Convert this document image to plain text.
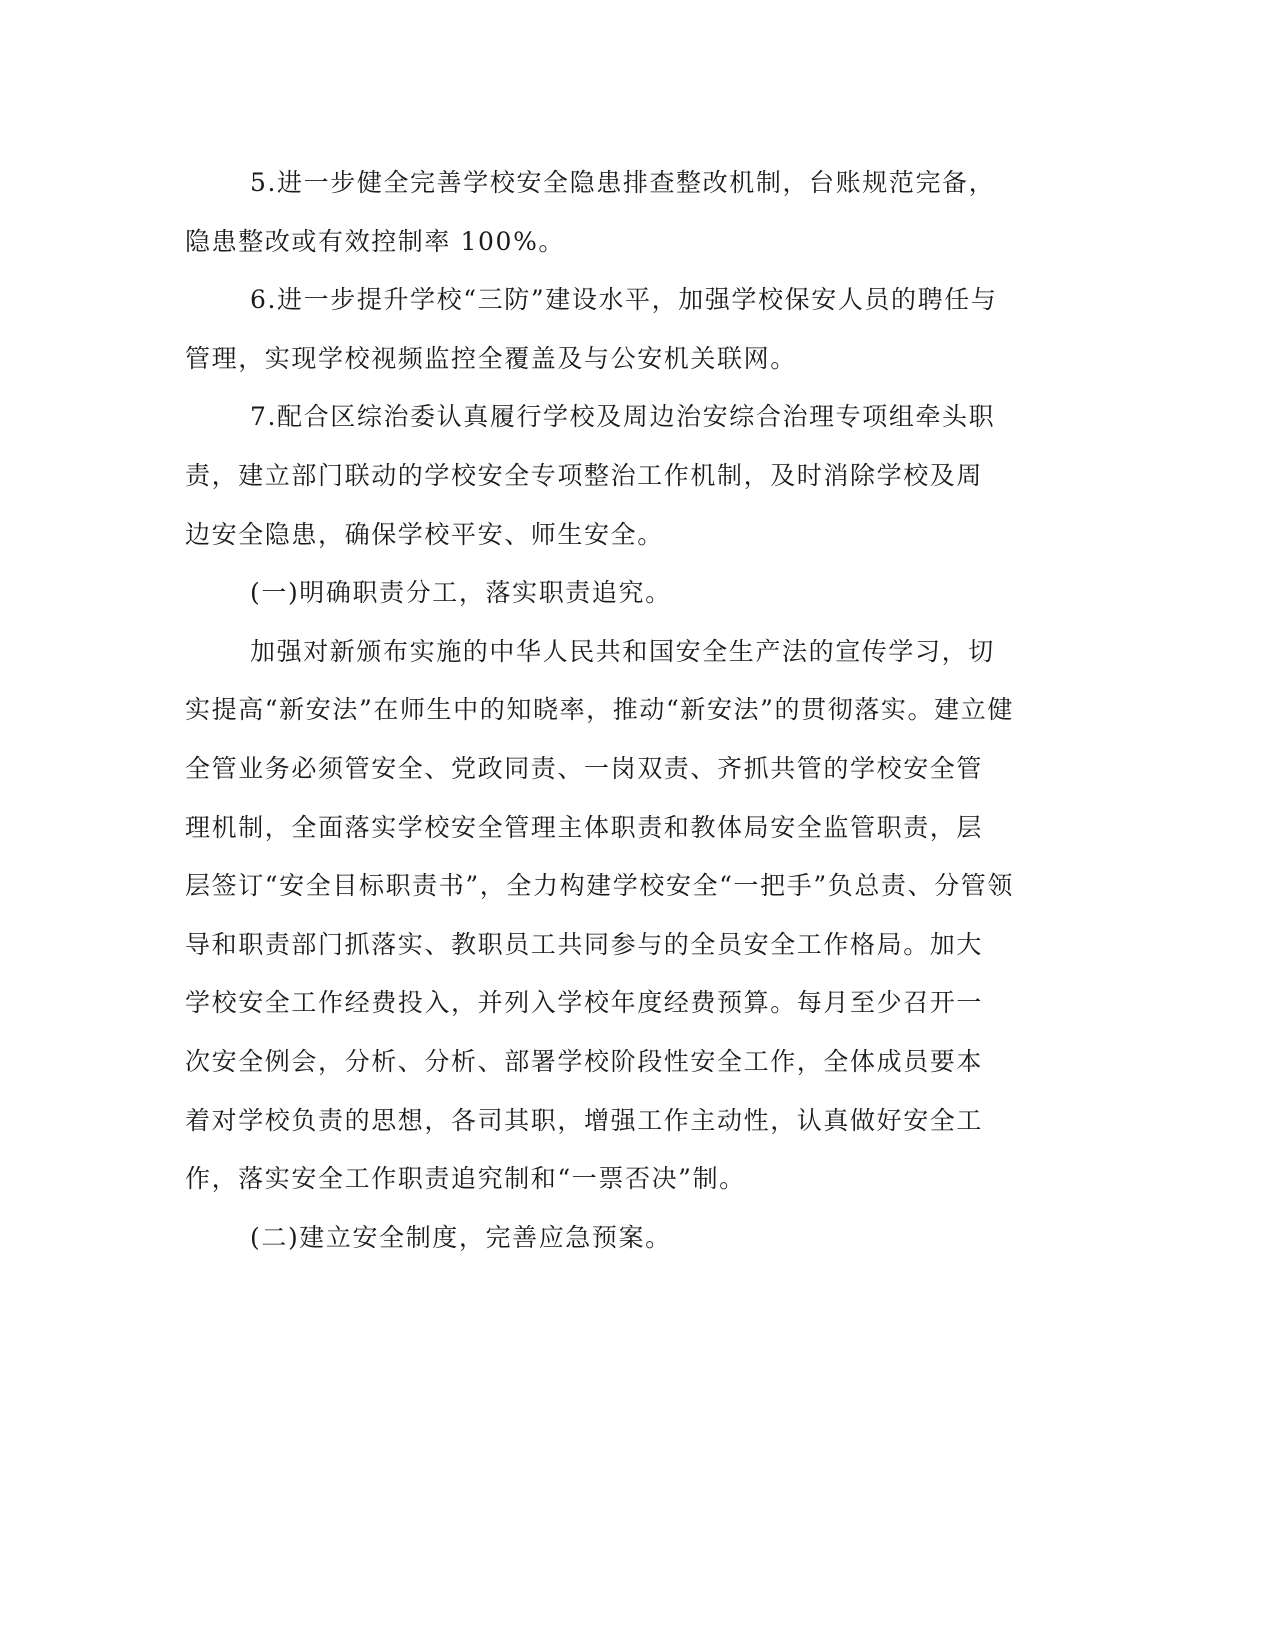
5.进一步健全完善学校安全隐患排查整改机制，台账规范完备，
隐患整改或有效控制率 100%。
6.进一步提升学校“三防”建设水平，加强学校保安人员的聘任与
管理，实现学校视频监控全覆盖及与公安机关联网。
7.配合区综治委认真履行学校及周边治安综合治理专项组牵头职
责，建立部门联动的学校安全专项整治工作机制，及时消除学校及周
边安全隐患，确保学校平安、师生安全。
(一)明确职责分工，落实职责追究。
加强对新颁布实施的中华人民共和国安全生产法的宣传学习，切
实提高“新安法”在师生中的知晓率，推动“新安法”的贯彻落实。建立健
全管业务必须管安全、党政同责、一岗双责、齐抓共管的学校安全管
理机制，全面落实学校安全管理主体职责和教体局安全监管职责，层
层签订“安全目标职责书”，全力构建学校安全“一把手”负总责、分管领
导和职责部门抓落实、教职员工共同参与的全员安全工作格局。加大
学校安全工作经费投入，并列入学校年度经费预算。每月至少召开一
次安全例会，分析、分析、部署学校阶段性安全工作，全体成员要本
着对学校负责的思想，各司其职，增强工作主动性，认真做好安全工
作，落实安全工作职责追究制和“一票否决”制。
(二)建立安全制度，完善应急预案。
